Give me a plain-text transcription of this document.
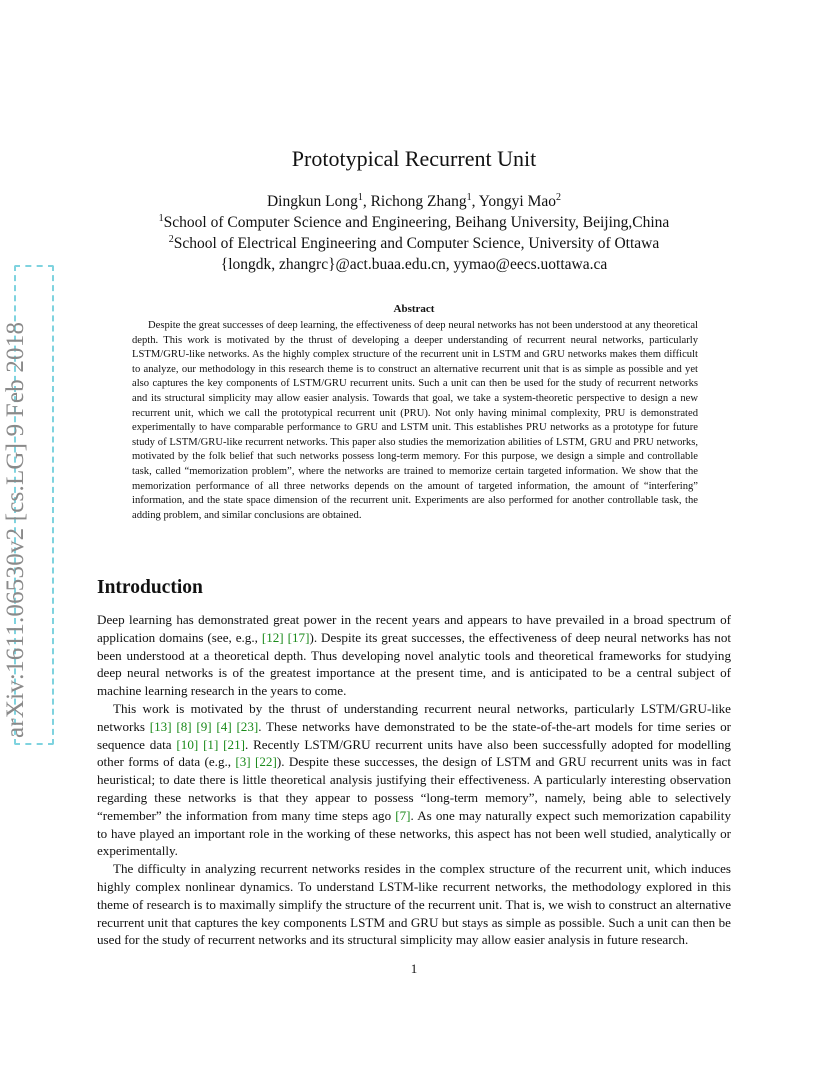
arXiv:1611.06530v2 [cs.LG] 9 Feb 2018
Prototypical Recurrent Unit
Dingkun Long$^1$, Richong Zhang$^1$, Yongyi Mao$^2$
$^1$School of Computer Science and Engineering, Beihang University, Beijing,China
$^2$School of Electrical Engineering and Computer Science, University of Ottawa
{longdk, zhangrc}@act.buaa.edu.cn, yymao@eecs.uottawa.ca
Abstract

Despite the great successes of deep learning, the effectiveness of deep neural networks has not been understood at any theoretical depth. This work is motivated by the thrust of developing a deeper understanding of recurrent neural networks, particularly LSTM/GRU-like networks. As the highly complex structure of the recurrent unit in LSTM and GRU networks makes them difficult to analyze, our methodology in this research theme is to construct an alternative recurrent unit that is as simple as possible and yet also captures the key components of LSTM/GRU recurrent units. Such a unit can then be used for the study of recurrent networks and its structural simplicity may allow easier analysis. Towards that goal, we take a system-theoretic perspective to design a new recurrent unit, which we call the prototypical recurrent unit (PRU). Not only having minimal complexity, PRU is demonstrated experimentally to have comparable performance to GRU and LSTM unit. This establishes PRU networks as a prototype for future study of LSTM/GRU-like recurrent networks. This paper also studies the memorization abilities of LSTM, GRU and PRU networks, motivated by the folk belief that such networks possess long-term memory. For this purpose, we design a simple and controllable task, called “memorization problem”, where the networks are trained to memorize certain targeted information. We show that the memorization performance of all three networks depends on the amount of targeted information, the amount of “interfering” information, and the state space dimension of the recurrent unit. Experiments are also performed for another controllable task, the adding problem, and similar conclusions are obtained.

Introduction

Deep learning has demonstrated great power in the recent years and appears to have prevailed in a broad spectrum of application domains (see, e.g., [12] [17]). Despite its great successes, the effectiveness of deep neural networks has not been understood at a theoretical depth. Thus developing novel analytic tools and theoretical frameworks for studying deep neural networks is of the greatest importance at the present time, and is anticipated to be a central subject of machine learning research in the years to come.

This work is motivated by the thrust of understanding recurrent neural networks, particularly LSTM/GRU-like networks [13] [8] [9] [4] [23]. These networks have demonstrated to be the state-of-the-art models for time series or sequence data [10] [1] [21]. Recently LSTM/GRU recurrent units have also been successfully adopted for modelling other forms of data (e.g., [3] [22]). Despite these successes, the design of LSTM and GRU recurrent units was in fact heuristical; to date there is little theoretical analysis justifying their effectiveness. A particularly interesting observation regarding these networks is that they appear to possess “long-term memory”, namely, being able to selectively “remember” the information from many time steps ago [7]. As one may naturally expect such memorization capability to have played an important role in the working of these networks, this aspect has not been well studied, analytically or experimentally.

The difficulty in analyzing recurrent networks resides in the complex structure of the recurrent unit, which induces highly complex nonlinear dynamics. To understand LSTM-like recurrent networks, the methodology explored in this theme of research is to maximally simplify the structure of the recurrent unit. That is, we wish to construct an alternative recurrent unit that captures the key components LSTM and GRU but stays as simple as possible. Such a unit can then be used for the study of recurrent networks and its structural simplicity may allow easier analysis in future research.

1
